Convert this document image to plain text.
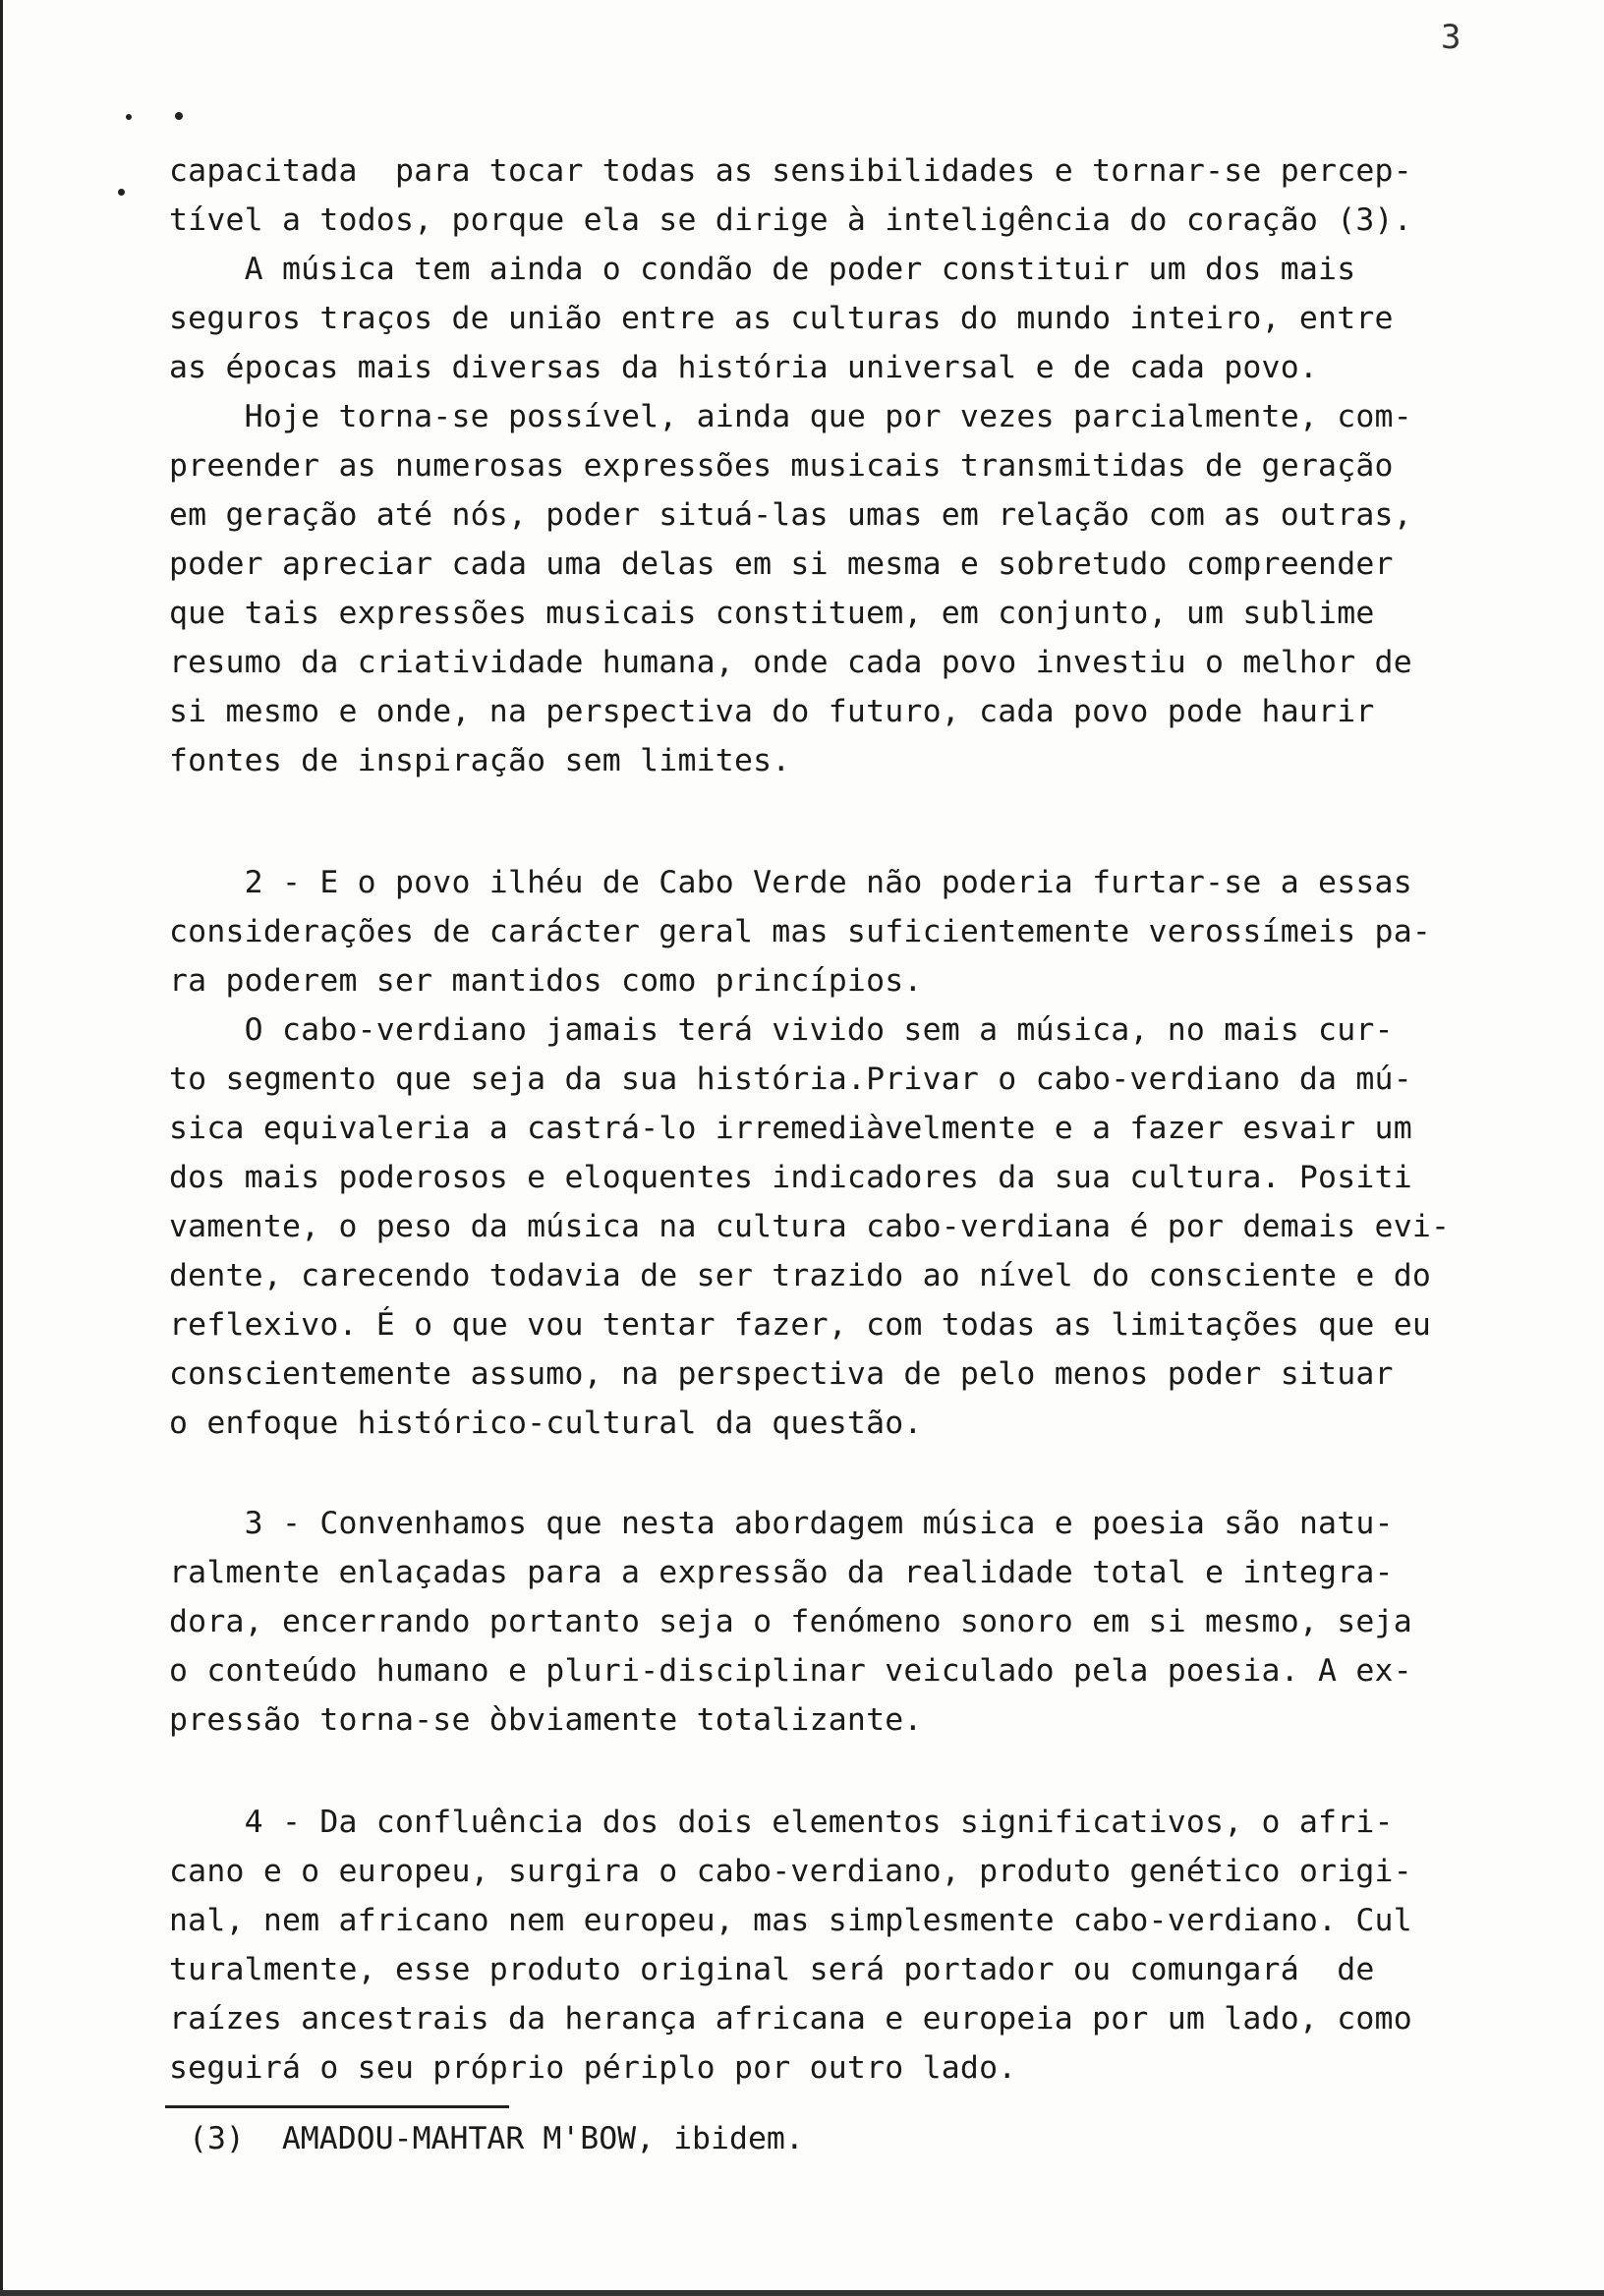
3
capacitada  para tocar todas as sensibilidades e tornar-se percep-
tível a todos, porque ela se dirige à inteligência do coração (3).
A música tem ainda o condão de poder constituir um dos mais
seguros traços de união entre as culturas do mundo inteiro, entre
as épocas mais diversas da história universal e de cada povo.
Hoje torna-se possível, ainda que por vezes parcialmente, com-
preender as numerosas expressões musicais transmitidas de geração
em geração até nós, poder situá-las umas em relação com as outras,
poder apreciar cada uma delas em si mesma e sobretudo compreender
que tais expressões musicais constituem, em conjunto, um sublime
resumo da criatividade humana, onde cada povo investiu o melhor de
si mesmo e onde, na perspectiva do futuro, cada povo pode haurir
fontes de inspiração sem limites.
2 - E o povo ilhéu de Cabo Verde não poderia furtar-se a essas
considerações de carácter geral mas suficientemente verossímeis pa-
ra poderem ser mantidos como princípios.
O cabo-verdiano jamais terá vivido sem a música, no mais cur-
to segmento que seja da sua história.Privar o cabo-verdiano da mú-
sica equivaleria a castrá-lo irremediàvelmente e a fazer esvair um
dos mais poderosos e eloquentes indicadores da sua cultura. Positi
vamente, o peso da música na cultura cabo-verdiana é por demais evi-
dente, carecendo todavia de ser trazido ao nível do consciente e do
reflexivo. É o que vou tentar fazer, com todas as limitações que eu
conscientemente assumo, na perspectiva de pelo menos poder situar
o enfoque histórico-cultural da questão.
3 - Convenhamos que nesta abordagem música e poesia são natu-
ralmente enlaçadas para a expressão da realidade total e integra-
dora, encerrando portanto seja o fenómeno sonoro em si mesmo, seja
o conteúdo humano e pluri-disciplinar veiculado pela poesia. A ex-
pressão torna-se òbviamente totalizante.
4 - Da confluência dos dois elementos significativos, o afri-
cano e o europeu, surgira o cabo-verdiano, produto genético origi-
nal, nem africano nem europeu, mas simplesmente cabo-verdiano. Cul
turalmente, esse produto original será portador ou comungará  de
raízes ancestrais da herança africana e europeia por um lado, como
seguirá o seu próprio périplo por outro lado.
(3)  AMADOU-MAHTAR M'BOW, ibidem.
